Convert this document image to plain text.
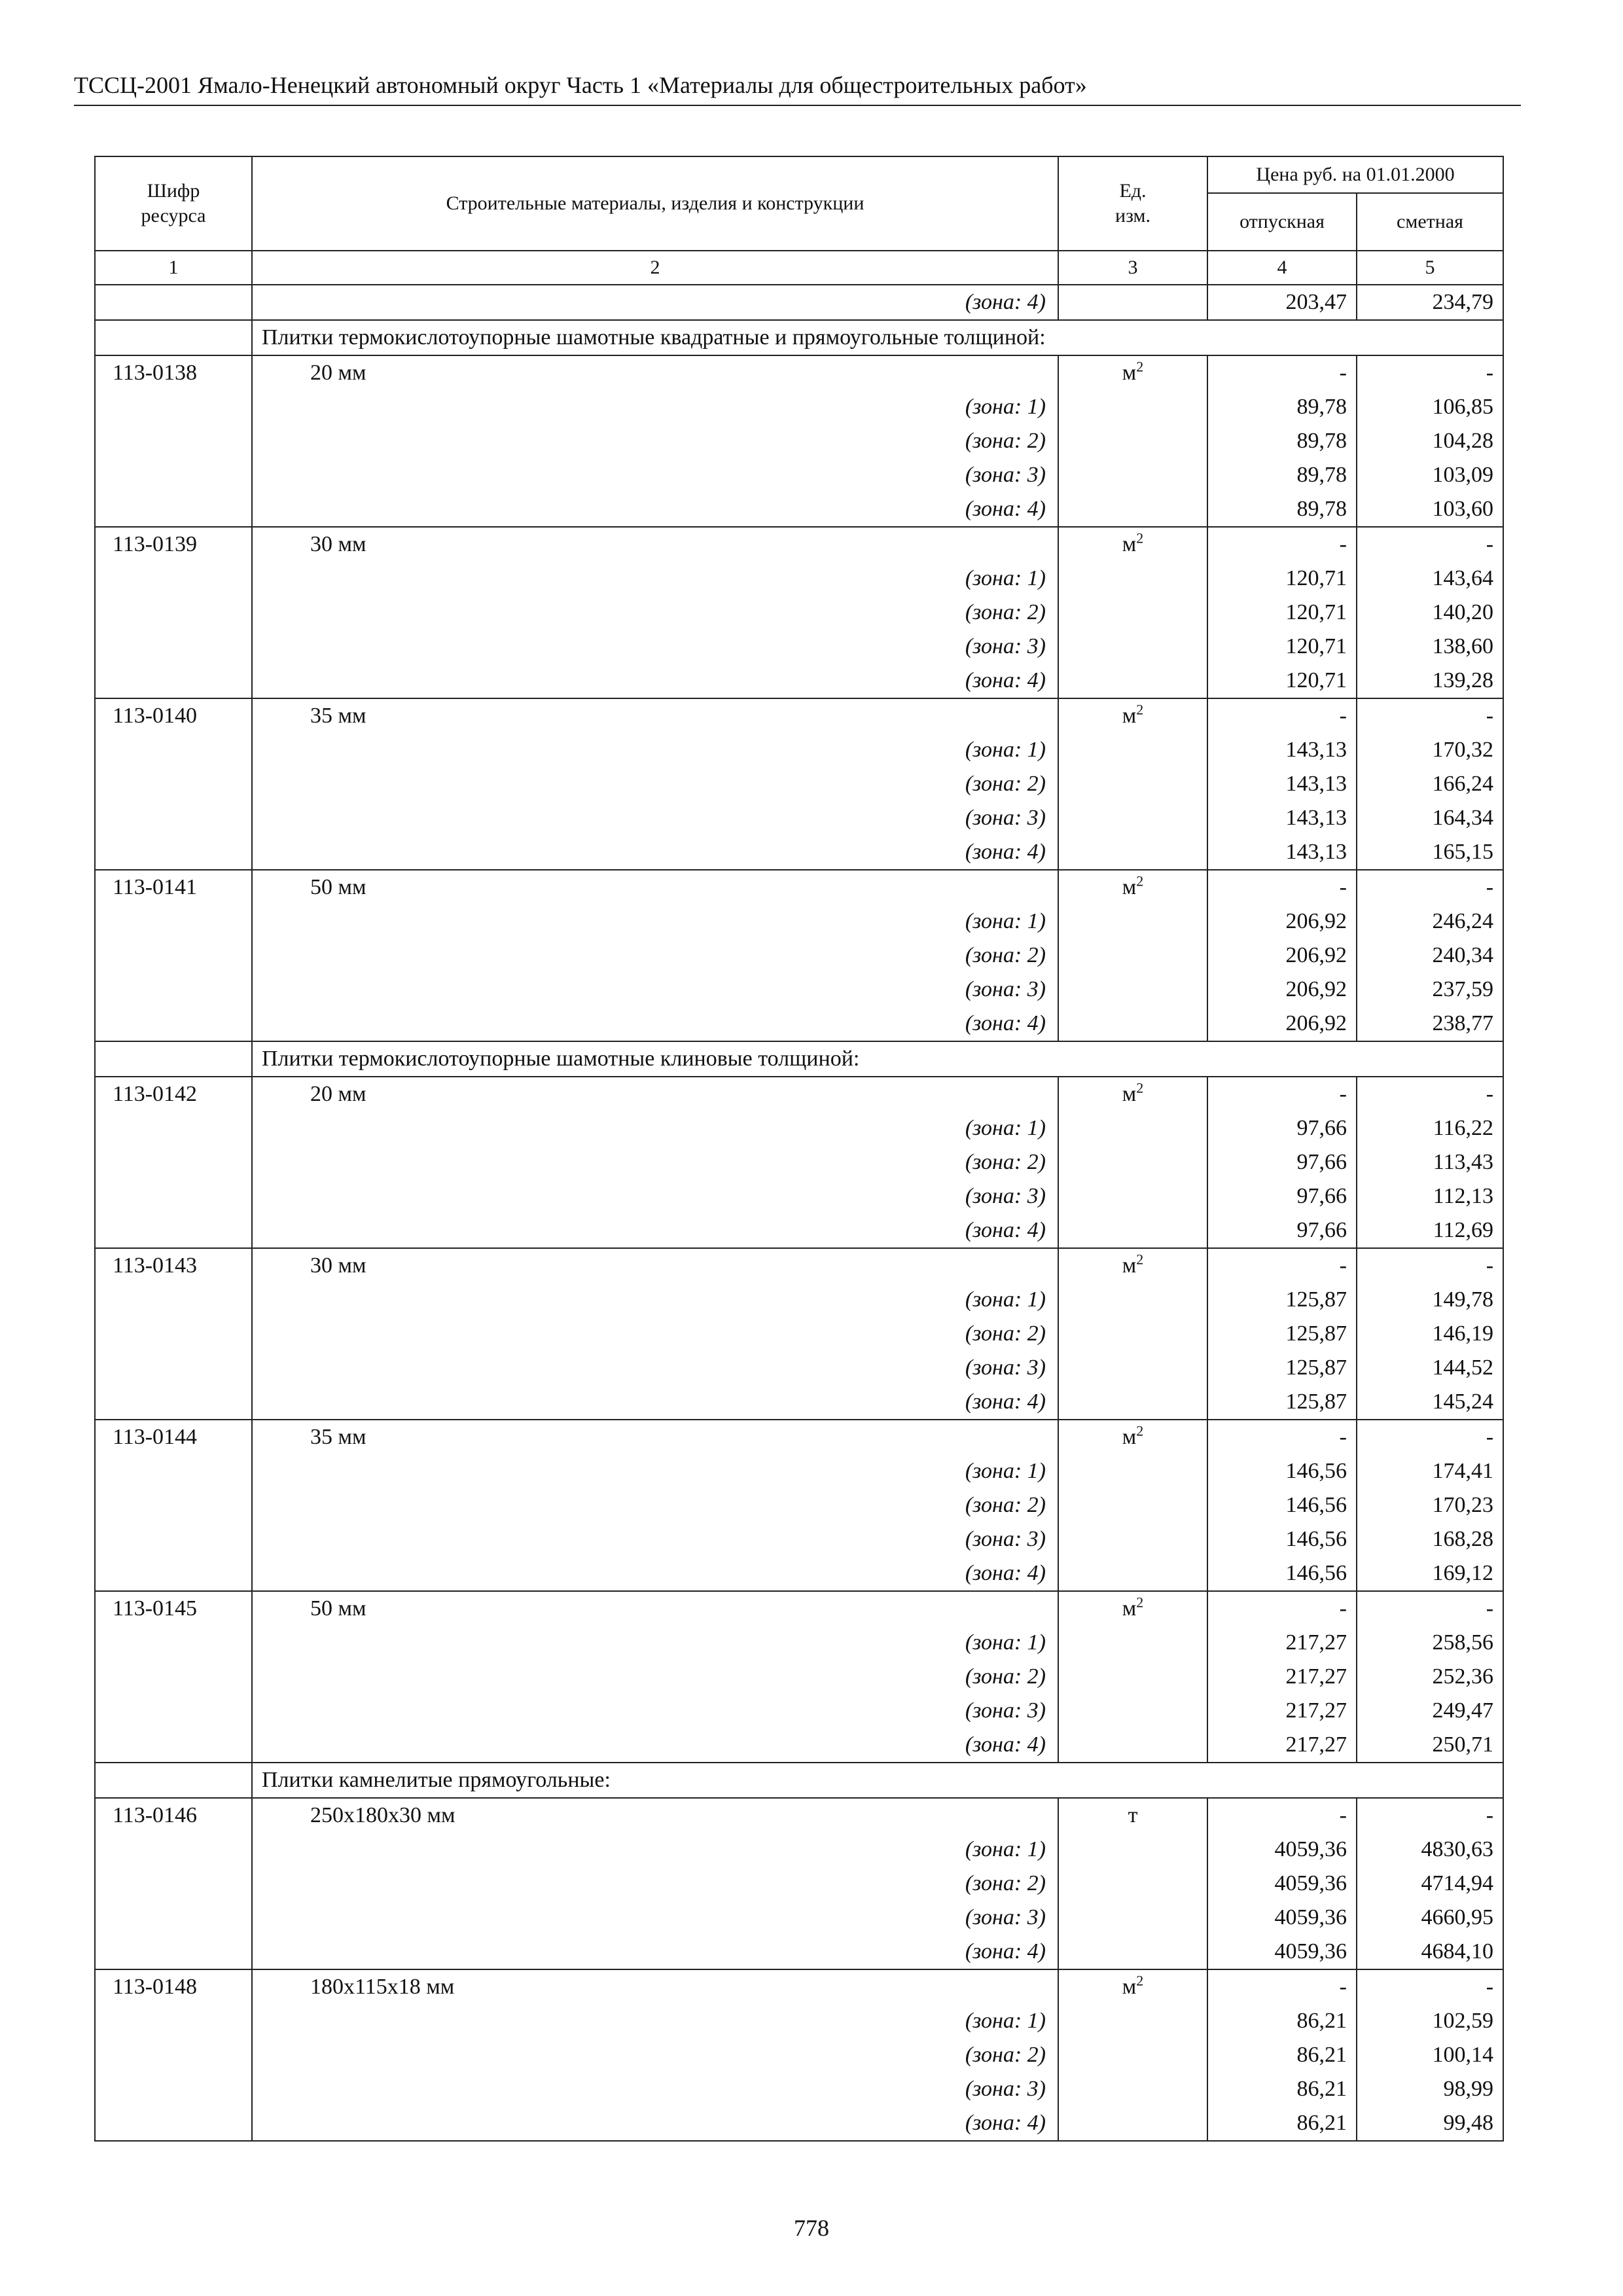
ТССЦ-2001 Ямало-Ненецкий автономный округ Часть 1 «Материалы для общестроительных работ»
Шифр ресурса	Строительные материалы, изделия и конструкции	Ед. изм.	Цена руб. на 01.01.2000	
			отпускная	сметная
1	2	3	4	5
	(зона: 4)		203,47	234,79
	Плитки термокислотоупорные шамотные квадратные и прямоугольные толщиной:			
113-0138	20 мм	$м^2$	-	-
	(зона: 1)		89,78	106,85
	(зона: 2)		89,78	104,28
	(зона: 3)		89,78	103,09
	(зона: 4)		89,78	103,60
113-0139	30 мм	$м^2$	-	-
	(зона: 1)		120,71	143,64
	(зона: 2)		120,71	140,20
	(зона: 3)		120,71	138,60
	(зона: 4)		120,71	139,28
113-0140	35 мм	$м^2$	-	-
	(зона: 1)		143,13	170,32
	(зона: 2)		143,13	166,24
	(зона: 3)		143,13	164,34
	(зона: 4)		143,13	165,15
113-0141	50 мм	$м^2$	-	-
	(зона: 1)		206,92	246,24
	(зона: 2)		206,92	240,34
	(зона: 3)		206,92	237,59
	(зона: 4)		206,92	238,77
	Плитки термокислотоупорные шамотные клиновые толщиной:			
113-0142	20 мм	$м^2$	-	-
	(зона: 1)		97,66	116,22
	(зона: 2)		97,66	113,43
	(зона: 3)		97,66	112,13
	(зона: 4)		97,66	112,69
113-0143	30 мм	$м^2$	-	-
	(зона: 1)		125,87	149,78
	(зона: 2)		125,87	146,19
	(зона: 3)		125,87	144,52
	(зона: 4)		125,87	145,24
113-0144	35 мм	$м^2$	-	-
	(зона: 1)		146,56	174,41
	(зона: 2)		146,56	170,23
	(зона: 3)		146,56	168,28
	(зона: 4)		146,56	169,12
113-0145	50 мм	$м^2$	-	-
	(зона: 1)		217,27	258,56
	(зона: 2)		217,27	252,36
	(зона: 3)		217,27	249,47
	(зона: 4)		217,27	250,71
	Плитки камнелитые прямоугольные:			
113-0146	250x180x30 мм	т	-	-
	(зона: 1)		4059,36	4830,63
	(зона: 2)		4059,36	4714,94
	(зона: 3)		4059,36	4660,95
	(зона: 4)		4059,36	4684,10
113-0148	180x115x18 мм	$м^2$	-	-
	(зона: 1)		86,21	102,59
	(зона: 2)		86,21	100,14
	(зона: 3)		86,21	98,99
	(зона: 4)		86,21	99,48
778
